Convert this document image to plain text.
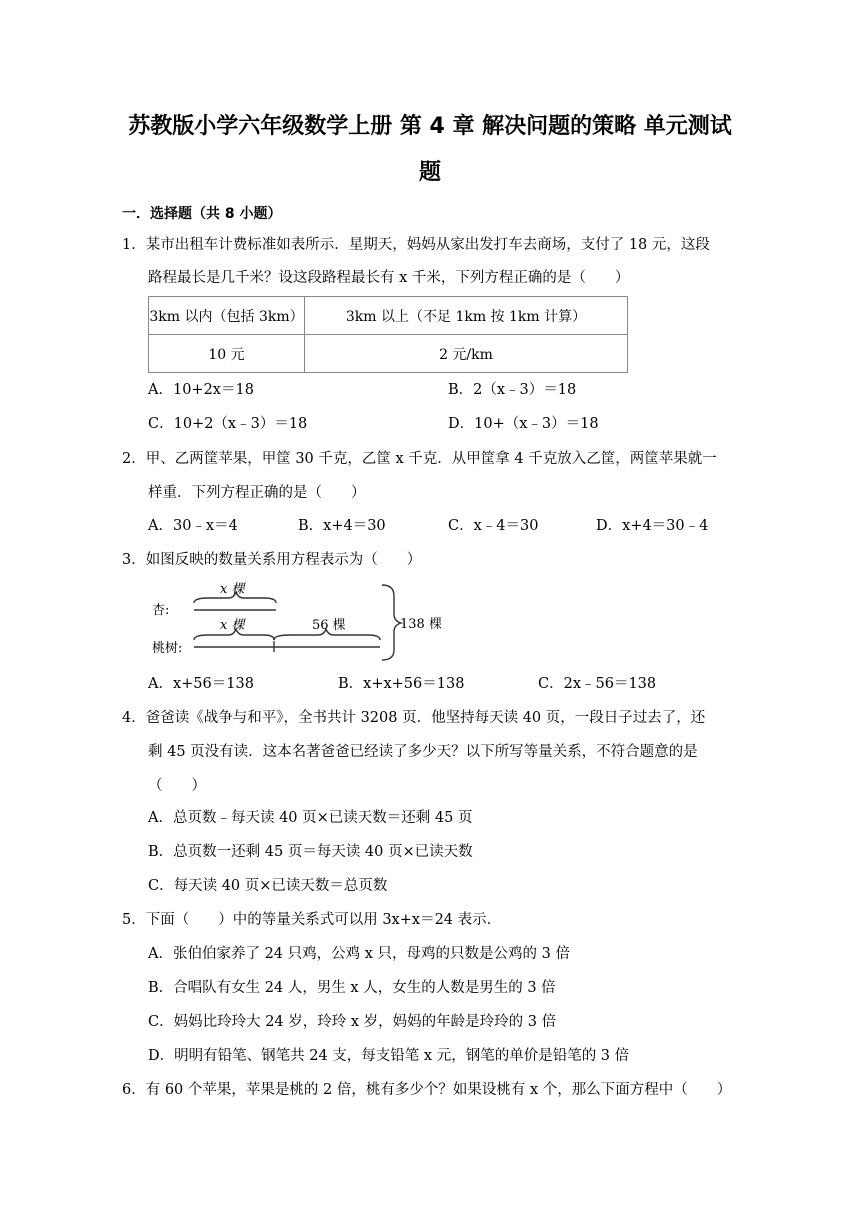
苏教版小学六年级数学上册 第 4 章 解决问题的策略 单元测试
题
一．选择题（共 8 小题）
1．某市出租车计费标准如表所示．星期天，妈妈从家出发打车去商场，支付了 18 元，这段
路程最长是几千米？设这段路程最长有 x 千米，下列方程正确的是（　　）
3km 以内（包括 3km）	3km 以上（不足 1km 按 1km 计算）
10 元	2 元/km
A．10+2x＝18	B．2（x﹣3）＝18
C．10+2（x﹣3）＝18	D．10+（x﹣3）＝18
2．甲、乙两筐苹果，甲筐 30 千克，乙筐 x 千克．从甲筐拿 4 千克放入乙筐，两筐苹果就一
样重．下列方程正确的是（　　）
A．30﹣x＝4	B．x+4＝30	C．x﹣4＝30	D．x+4＝30﹣4
3．如图反映的数量关系用方程表示为（　　）
杏:
桃树:
x 棵
x 棵	56 棵	138 棵
A．x+56＝138	B．x+x+56＝138	C．2x﹣56＝138
4．爸爸读《战争与和平》，全书共计 3208 页．他坚持每天读 40 页，一段日子过去了，还
剩 45 页没有读．这本名著爸爸已经读了多少天？以下所写等量关系，不符合题意的是
（　　）
A．总页数﹣每天读 40 页×已读天数＝还剩 45 页
B．总页数一还剩 45 页＝每天读 40 页×已读天数
C．每天读 40 页×已读天数＝总页数
5．下面（　　）中的等量关系式可以用 3x+x＝24 表示．
A．张伯伯家养了 24 只鸡，公鸡 x 只，母鸡的只数是公鸡的 3 倍
B．合唱队有女生 24 人，男生 x 人，女生的人数是男生的 3 倍
C．妈妈比玲玲大 24 岁，玲玲 x 岁，妈妈的年龄是玲玲的 3 倍
D．明明有铅笔、钢笔共 24 支，每支铅笔 x 元，钢笔的单价是铅笔的 3 倍
6．有 60 个苹果，苹果是桃的 2 倍，桃有多少个？如果设桃有 x 个，那么下面方程中（　　）
